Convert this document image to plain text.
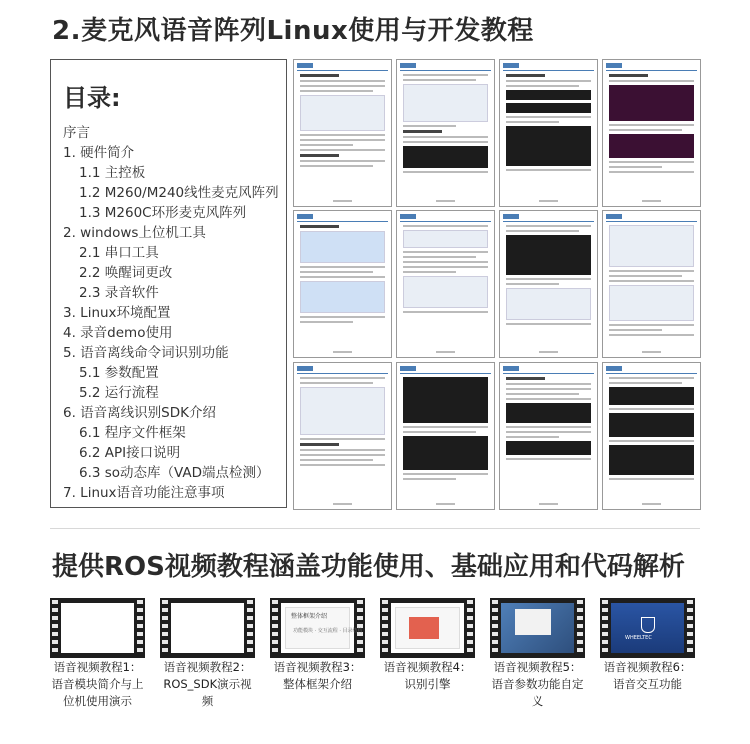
2.麦克风语音阵列Linux使用与开发教程
目录:
序言
1. 硬件简介
1.1 主控板
1.2 M260/M240线性麦克风阵列
1.3 M260C环形麦克风阵列
2. windows上位机工具
2.1 串口工具
2.2 唤醒词更改
2.3 录音软件
3. Linux环境配置
4. 录音demo使用
5. 语音离线命令词识别功能
5.1 参数配置
5.2 运行流程
6. 语音离线识别SDK介绍
6.1 程序文件框架
6.2 API接口说明
6.3 so动态库（VAD端点检测）
7. Linux语音功能注意事项
提供ROS视频教程涵盖功能使用、基础应用和代码解析
语音视频教程1：语音模块简介与上位机使用演示
语音视频教程2：ROS_SDK演示视频
整体框架介绍
功能模块 · 交互流程 · 目录结构
语音视频教程3：整体框架介绍
语音视频教程4：识别引擎
语音视频教程5：语音参数功能自定义
WHEELTEC
语音视频教程6：语音交互功能
